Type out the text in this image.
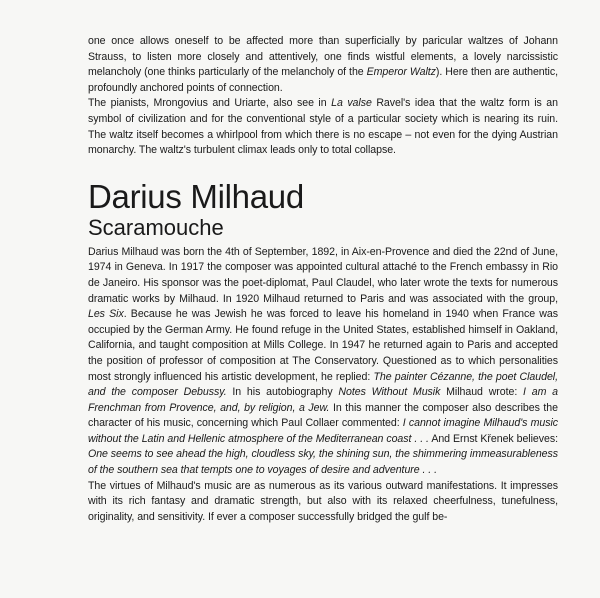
one once allows oneself to be affected more than superficially by paricular waltzes of Johann Strauss, to listen more closely and attentively, one finds wistful elements, a lovely narcissistic melancholy (one thinks particularly of the melancholy of the Emperor Waltz). Here then are authentic, profoundly anchored points of connection.

The pianists, Mrongovius and Uriarte, also see in La valse Ravel's idea that the waltz form is an symbol of civilization and for the conventional style of a particular society which is nearing its ruin. The waltz itself becomes a whirlpool from which there is no escape – not even for the dying Austrian monarchy. The waltz's turbulent climax leads only to total collapse.

Darius Milhaud
Scaramouche

Darius Milhaud was born the 4th of September, 1892, in Aix-en-Provence and died the 22nd of June, 1974 in Geneva. In 1917 the composer was appointed cultural attaché to the French embassy in Rio de Janeiro. His sponsor was the poet-diplomat, Paul Claudel, who later wrote the texts for numerous dramatic works by Milhaud. In 1920 Milhaud returned to Paris and was associated with the group, Les Six. Because he was Jewish he was forced to leave his homeland in 1940 when France was occupied by the German Army. He found refuge in the United States, established himself in Oakland, California, and taught composition at Mills College. In 1947 he returned again to Paris and accepted the position of professor of composition at The Conservatory. Questioned as to which personalities most strongly influenced his artistic development, he replied: The painter Cézanne, the poet Claudel, and the composer Debussy. In his autobiography Notes Without Musik Milhaud wrote: I am a Frenchman from Provence, and, by religion, a Jew. In this manner the composer also describes the character of his music, concerning which Paul Collaer commented: I cannot imagine Milhaud's music without the Latin and Hellenic atmosphere of the Mediterranean coast . . . And Ernst Křenek believes: One seems to see ahead the high, cloudless sky, the shining sun, the shimmering immeasurableness of the southern sea that tempts one to voyages of desire and adventure . . .

The virtues of Milhaud's music are as numerous as its various outward manifestations. It impresses with its rich fantasy and dramatic strength, but also with its relaxed cheerfulness, tunefulness, originality, and sensitivity. If ever a composer successfully bridged the gulf be-
